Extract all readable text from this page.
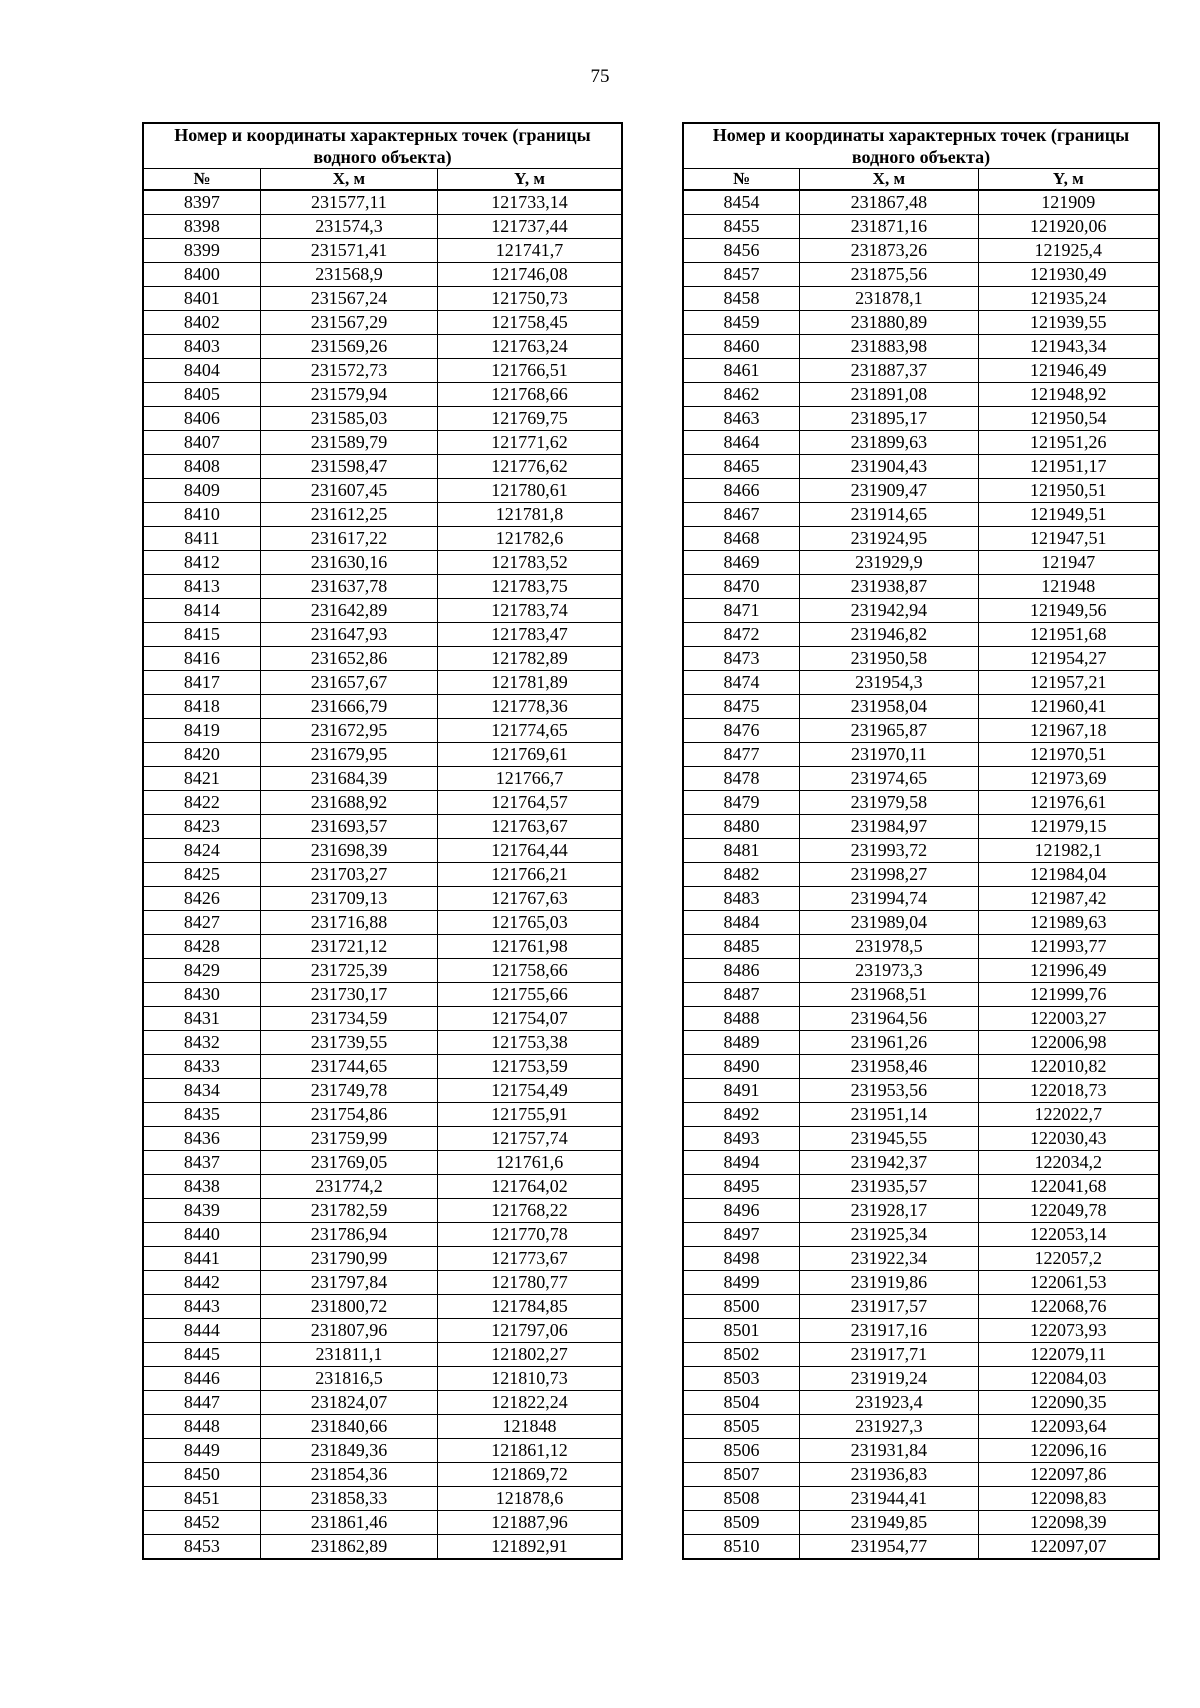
75
Номер и координаты характерных точек (границы водного объекта)		
№	X, м	Y, м
8397	231577,11	121733,14
8398	231574,3	121737,44
8399	231571,41	121741,7
8400	231568,9	121746,08
8401	231567,24	121750,73
8402	231567,29	121758,45
8403	231569,26	121763,24
8404	231572,73	121766,51
8405	231579,94	121768,66
8406	231585,03	121769,75
8407	231589,79	121771,62
8408	231598,47	121776,62
8409	231607,45	121780,61
8410	231612,25	121781,8
8411	231617,22	121782,6
8412	231630,16	121783,52
8413	231637,78	121783,75
8414	231642,89	121783,74
8415	231647,93	121783,47
8416	231652,86	121782,89
8417	231657,67	121781,89
8418	231666,79	121778,36
8419	231672,95	121774,65
8420	231679,95	121769,61
8421	231684,39	121766,7
8422	231688,92	121764,57
8423	231693,57	121763,67
8424	231698,39	121764,44
8425	231703,27	121766,21
8426	231709,13	121767,63
8427	231716,88	121765,03
8428	231721,12	121761,98
8429	231725,39	121758,66
8430	231730,17	121755,66
8431	231734,59	121754,07
8432	231739,55	121753,38
8433	231744,65	121753,59
8434	231749,78	121754,49
8435	231754,86	121755,91
8436	231759,99	121757,74
8437	231769,05	121761,6
8438	231774,2	121764,02
8439	231782,59	121768,22
8440	231786,94	121770,78
8441	231790,99	121773,67
8442	231797,84	121780,77
8443	231800,72	121784,85
8444	231807,96	121797,06
8445	231811,1	121802,27
8446	231816,5	121810,73
8447	231824,07	121822,24
8448	231840,66	121848
8449	231849,36	121861,12
8450	231854,36	121869,72
8451	231858,33	121878,6
8452	231861,46	121887,96
8453	231862,89	121892,91
Номер и координаты характерных точек (границы водного объекта)		
№	X, м	Y, м
8454	231867,48	121909
8455	231871,16	121920,06
8456	231873,26	121925,4
8457	231875,56	121930,49
8458	231878,1	121935,24
8459	231880,89	121939,55
8460	231883,98	121943,34
8461	231887,37	121946,49
8462	231891,08	121948,92
8463	231895,17	121950,54
8464	231899,63	121951,26
8465	231904,43	121951,17
8466	231909,47	121950,51
8467	231914,65	121949,51
8468	231924,95	121947,51
8469	231929,9	121947
8470	231938,87	121948
8471	231942,94	121949,56
8472	231946,82	121951,68
8473	231950,58	121954,27
8474	231954,3	121957,21
8475	231958,04	121960,41
8476	231965,87	121967,18
8477	231970,11	121970,51
8478	231974,65	121973,69
8479	231979,58	121976,61
8480	231984,97	121979,15
8481	231993,72	121982,1
8482	231998,27	121984,04
8483	231994,74	121987,42
8484	231989,04	121989,63
8485	231978,5	121993,77
8486	231973,3	121996,49
8487	231968,51	121999,76
8488	231964,56	122003,27
8489	231961,26	122006,98
8490	231958,46	122010,82
8491	231953,56	122018,73
8492	231951,14	122022,7
8493	231945,55	122030,43
8494	231942,37	122034,2
8495	231935,57	122041,68
8496	231928,17	122049,78
8497	231925,34	122053,14
8498	231922,34	122057,2
8499	231919,86	122061,53
8500	231917,57	122068,76
8501	231917,16	122073,93
8502	231917,71	122079,11
8503	231919,24	122084,03
8504	231923,4	122090,35
8505	231927,3	122093,64
8506	231931,84	122096,16
8507	231936,83	122097,86
8508	231944,41	122098,83
8509	231949,85	122098,39
8510	231954,77	122097,07
